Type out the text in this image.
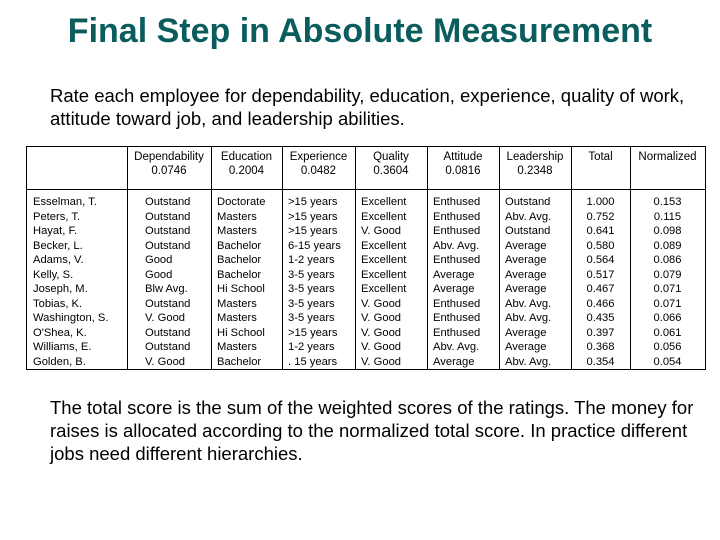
Final Step in Absolute Measurement
Rate each employee for dependability, education, experience, quality of work, attitude toward job, and leadership abilities.
Esselman, T.
Peters, T.
Hayat, F.
Becker, L.
Adams, V.
Kelly, S.
Joseph, M.
Tobias, K.
Washington, S.
O'Shea, K.
Williams, E.
Golden, B.
Dependability
0.0746
Outstand
Outstand
Outstand
Outstand
Good
Good
Blw Avg.
Outstand
V. Good
Outstand
Outstand
V. Good
Education
0.2004
Doctorate
Masters
Masters
Bachelor
Bachelor
Bachelor
Hi School
Masters
Masters
Hi School
Masters
Bachelor
Experience
0.0482
>15 years
>15 years
>15 years
6-15 years
1-2 years
3-5 years
3-5 years
3-5 years
3-5 years
>15 years
1-2 years
. 15 years
Quality
0.3604
Excellent
Excellent
V. Good
Excellent
Excellent
Excellent
Excellent
V. Good
V. Good
V. Good
V. Good
V. Good
Attitude
0.0816
Enthused
Enthused
Enthused
Abv. Avg.
Enthused
Average
Average
Enthused
Enthused
Enthused
Abv. Avg.
Average
Leadership
0.2348
Outstand
Abv. Avg.
Outstand
Average
Average
Average
Average
Abv. Avg.
Abv. Avg.
Average
Average
Abv. Avg.
Total
1.000
0.752
0.641
0.580
0.564
0.517
0.467
0.466
0.435
0.397
0.368
0.354
Normalized
0.153
0.115
0.098
0.089
0.086
0.079
0.071
0.071
0.066
0.061
0.056
0.054
The total score is the sum of the weighted scores of the ratings. The money for raises is allocated according to the normalized total score. In practice different jobs need different hierarchies.
